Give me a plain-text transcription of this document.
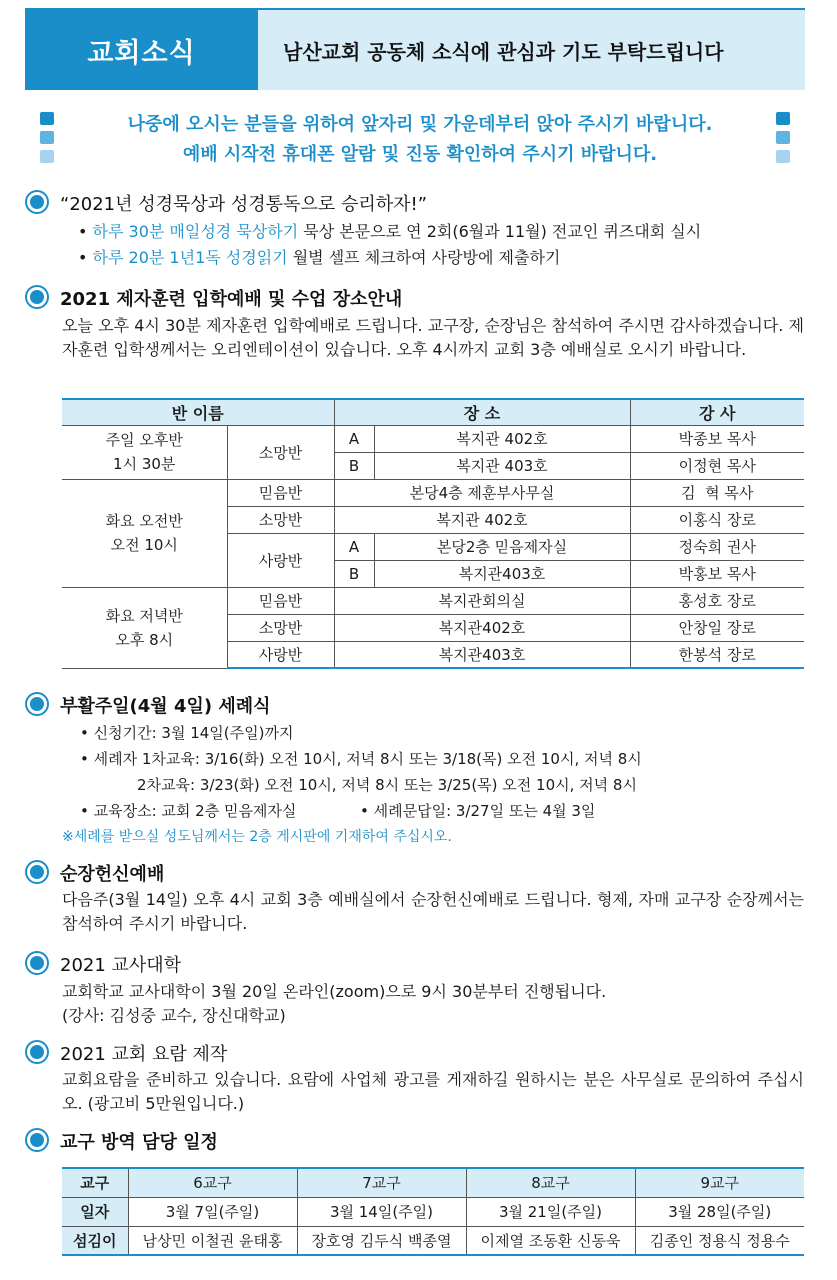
교회소식	남산교회 공동체 소식에 관심과 기도 부탁드립니다
나중에 오시는 분들을 위하여 앞자리 및 가운데부터 앉아 주시기 바랍니다.
예배 시작전 휴대폰 알람 및 진동 확인하여 주시기 바랍니다.
“2021년 성경묵상과 성경통독으로 승리하자!”
• 하루 30분 매일성경 묵상하기 묵상 본문으로 연 2회(6월과 11월) 전교인 퀴즈대회 실시
• 하루 20분 1년1독 성경읽기 월별 셀프 체크하여 사랑방에 제출하기
2021 제자훈련 입학예배 및 수업 장소안내
오늘 오후 4시 30분 제자훈련 입학예배로 드립니다. 교구장, 순장님은 참석하여 주시면 감사하겠습니다. 제자훈련 입학생께서는 오리엔테이션이 있습니다. 오후 4시까지 교회 3층 예배실로 오시기 바랍니다.
반 이름		장 소		강 사
주일 오후반
1시 30분	소망반	A	복지관 402호	박종보 목사
		B	복지관 403호	이정현 목사
화요 오전반
오전 10시	믿음반	본당4층 제훈부사무실		김  혁 목사
	소망반	복지관 402호		이홍식 장로
	사랑반	A	본당2층 믿음제자실	정숙희 권사
		B	복지관403호	박홍보 목사
화요 저녁반
오후 8시	믿음반	복지관회의실		홍성호 장로
	소망반	복지관402호		안창일 장로
	사랑반	복지관403호		한봉석 장로
부활주일(4월 4일) 세례식
• 신청기간: 3월 14일(주일)까지
• 세례자 1차교육: 3/16(화) 오전 10시, 저녁 8시 또는 3/18(목) 오전 10시, 저녁 8시
2차교육: 3/23(화) 오전 10시, 저녁 8시 또는 3/25(목) 오전 10시, 저녁 8시
• 교육장소: 교회 2층 믿음제자실	• 세례문답일: 3/27일 또는 4월 3일
※세례를 받으실 성도님께서는 2층 게시판에 기재하여 주십시오.
순장헌신예배
다음주(3월 14일) 오후 4시 교회 3층 예배실에서 순장헌신예배로 드립니다. 형제, 자매 교구장 순장께서는 참석하여 주시기 바랍니다.
2021 교사대학
교회학교 교사대학이 3월 20일 온라인(zoom)으로 9시 30분부터 진행됩니다.
(강사: 김성중 교수, 장신대학교)
2021 교회 요람 제작
교회요람을 준비하고 있습니다. 요람에 사업체 광고를 게재하길 원하시는 분은 사무실로 문의하여 주십시오. (광고비 5만원입니다.)
교구 방역 담당 일정
교구	6교구	7교구	8교구	9교구
일자	3월 7일(주일)	3월 14일(주일)	3월 21일(주일)	3월 28일(주일)
섬김이	남상민 이철권 윤태홍	장호영 김두식 백종열	이제열 조동환 신동욱	김종인 정용식 정용수
